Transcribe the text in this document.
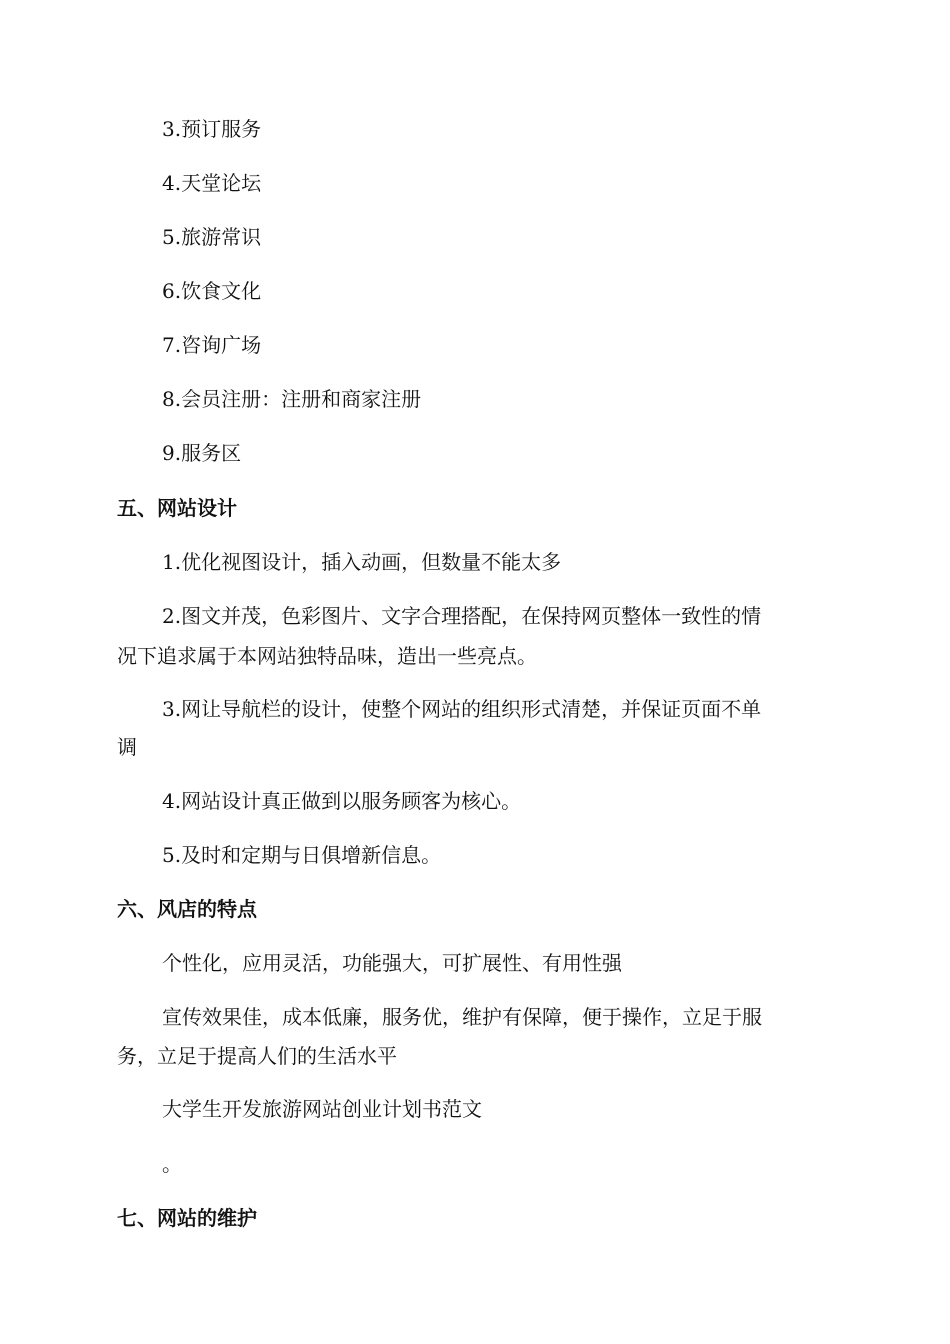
3.预订服务

4.天堂论坛

5.旅游常识

6.饮食文化

7.咨询广场

8.会员注册：注册和商家注册

9.服务区

五、网站设计

1.优化视图设计，插入动画，但数量不能太多

2.图文并茂，色彩图片、文字合理搭配，在保持网页整体一致性的情

况下追求属于本网站独特品味，造出一些亮点。

3.网让导航栏的设计，使整个网站的组织形式清楚，并保证页面不单

调

4.网站设计真正做到以服务顾客为核心。

5.及时和定期与日俱增新信息。

六、风店的特点

个性化，应用灵活，功能强大，可扩展性、有用性强

宣传效果佳，成本低廉，服务优，维护有保障，便于操作，立足于服

务，立足于提高人们的生活水平

大学生开发旅游网站创业计划书范文

。

七、网站的维护
